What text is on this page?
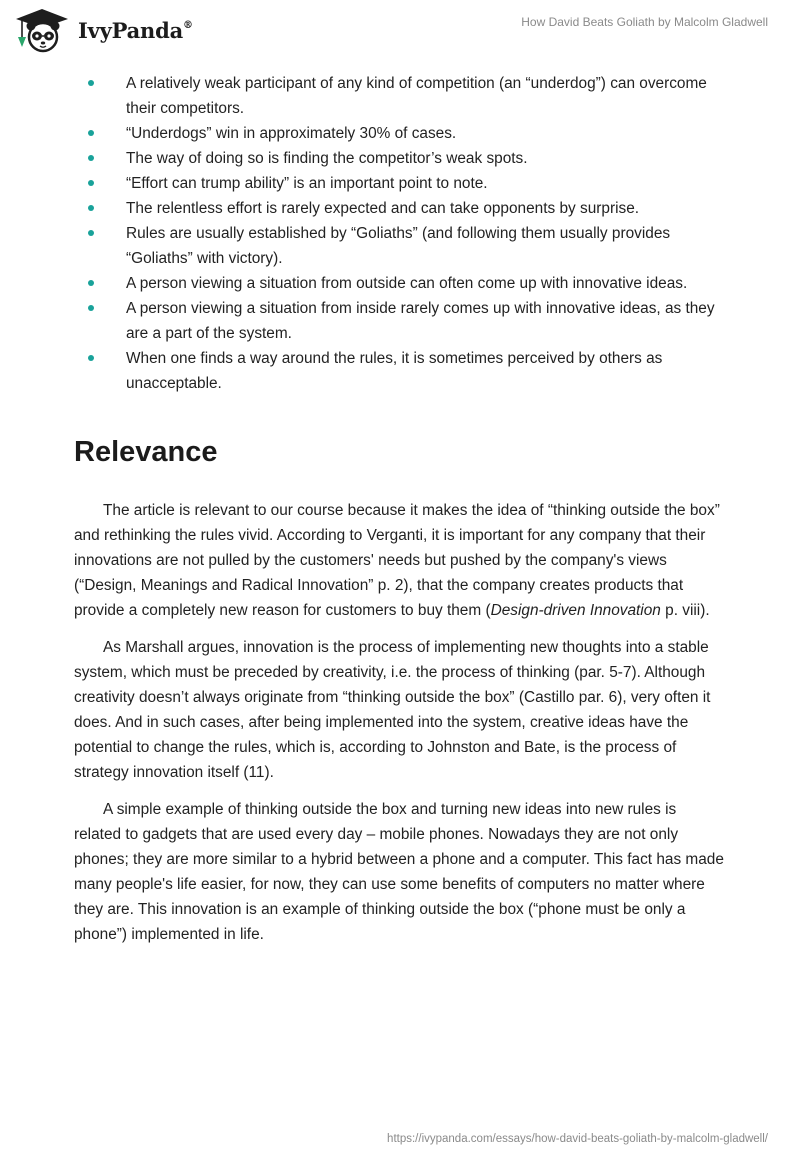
IvyPanda®	How David Beats Goliath by Malcolm Gladwell
A relatively weak participant of any kind of competition (an “underdog”) can overcome their competitors.
“Underdogs” win in approximately 30% of cases.
The way of doing so is finding the competitor’s weak spots.
“Effort can trump ability” is an important point to note.
The relentless effort is rarely expected and can take opponents by surprise.
Rules are usually established by “Goliaths” (and following them usually provides “Goliaths” with victory).
A person viewing a situation from outside can often come up with innovative ideas.
A person viewing a situation from inside rarely comes up with innovative ideas, as they are a part of the system.
When one finds a way around the rules, it is sometimes perceived by others as unacceptable.
Relevance

The article is relevant to our course because it makes the idea of “thinking outside the box” and rethinking the rules vivid. According to Verganti, it is important for any company that their innovations are not pulled by the customers' needs but pushed by the company's views (“Design, Meanings and Radical Innovation” p. 2), that the company creates products that provide a completely new reason for customers to buy them (Design-driven Innovation p. viii).

As Marshall argues, innovation is the process of implementing new thoughts into a stable system, which must be preceded by creativity, i.e. the process of thinking (par. 5-7). Although creativity doesn’t always originate from “thinking outside the box” (Castillo par. 6), very often it does. And in such cases, after being implemented into the system, creative ideas have the potential to change the rules, which is, according to Johnston and Bate, is the process of strategy innovation itself (11).

A simple example of thinking outside the box and turning new ideas into new rules is related to gadgets that are used every day – mobile phones. Nowadays they are not only phones; they are more similar to a hybrid between a phone and a computer. This fact has made many people's life easier, for now, they can use some benefits of computers no matter where they are. This innovation is an example of thinking outside the box (“phone must be only a phone”) implemented in life.

https://ivypanda.com/essays/how-david-beats-goliath-by-malcolm-gladwell/
